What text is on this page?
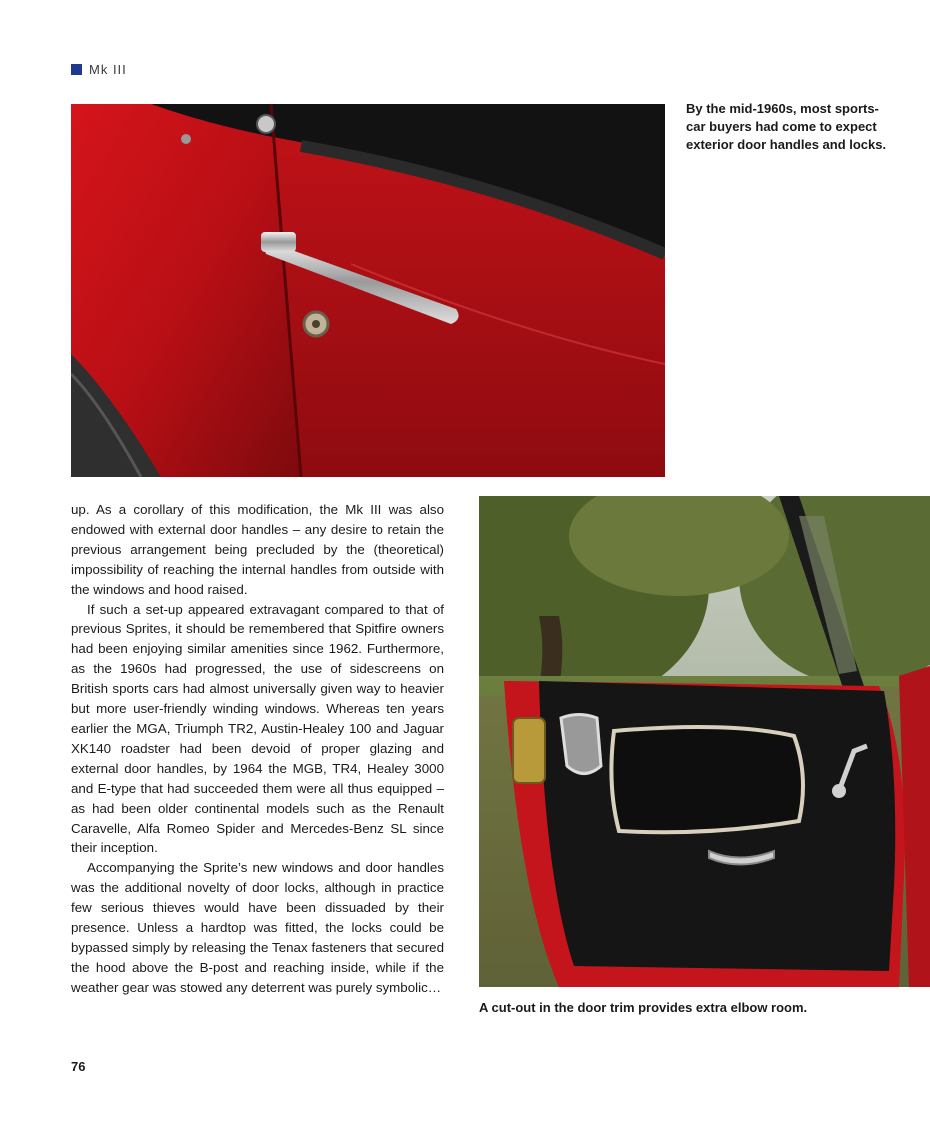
Mk III
By the mid-1960s, most sports-car buyers had come to expect exterior door handles and locks.

up. As a corollary of this modification, the Mk III was also endowed with external door handles – any desire to retain the previous arrangement being precluded by the (theoretical) impossibility of reaching the internal handles from outside with the windows and hood raised.

If such a set-up appeared extravagant compared to that of previous Sprites, it should be remembered that Spitfire owners had been enjoying similar amenities since 1962. Furthermore, as the 1960s had progressed, the use of sidescreens on British sports cars had almost universally given way to heavier but more user-friendly winding windows. Whereas ten years earlier the MGA, Triumph TR2, Austin-Healey 100 and Jaguar XK140 roadster had been devoid of proper glazing and external door handles, by 1964 the MGB, TR4, Healey 3000 and E-type that had succeeded them were all thus equipped – as had been older continental models such as the Renault Caravelle, Alfa Romeo Spider and Mercedes-Benz SL since their inception.

Accompanying the Sprite’s new windows and door handles was the additional novelty of door locks, although in practice few serious thieves would have been dissuaded by their presence. Unless a hardtop was fitted, the locks could be bypassed simply by releasing the Tenax fasteners that secured the hood above the B-post and reaching inside, while if the weather gear was stowed any deterrent was purely symbolic…

A cut-out in the door trim provides extra elbow room.
76
